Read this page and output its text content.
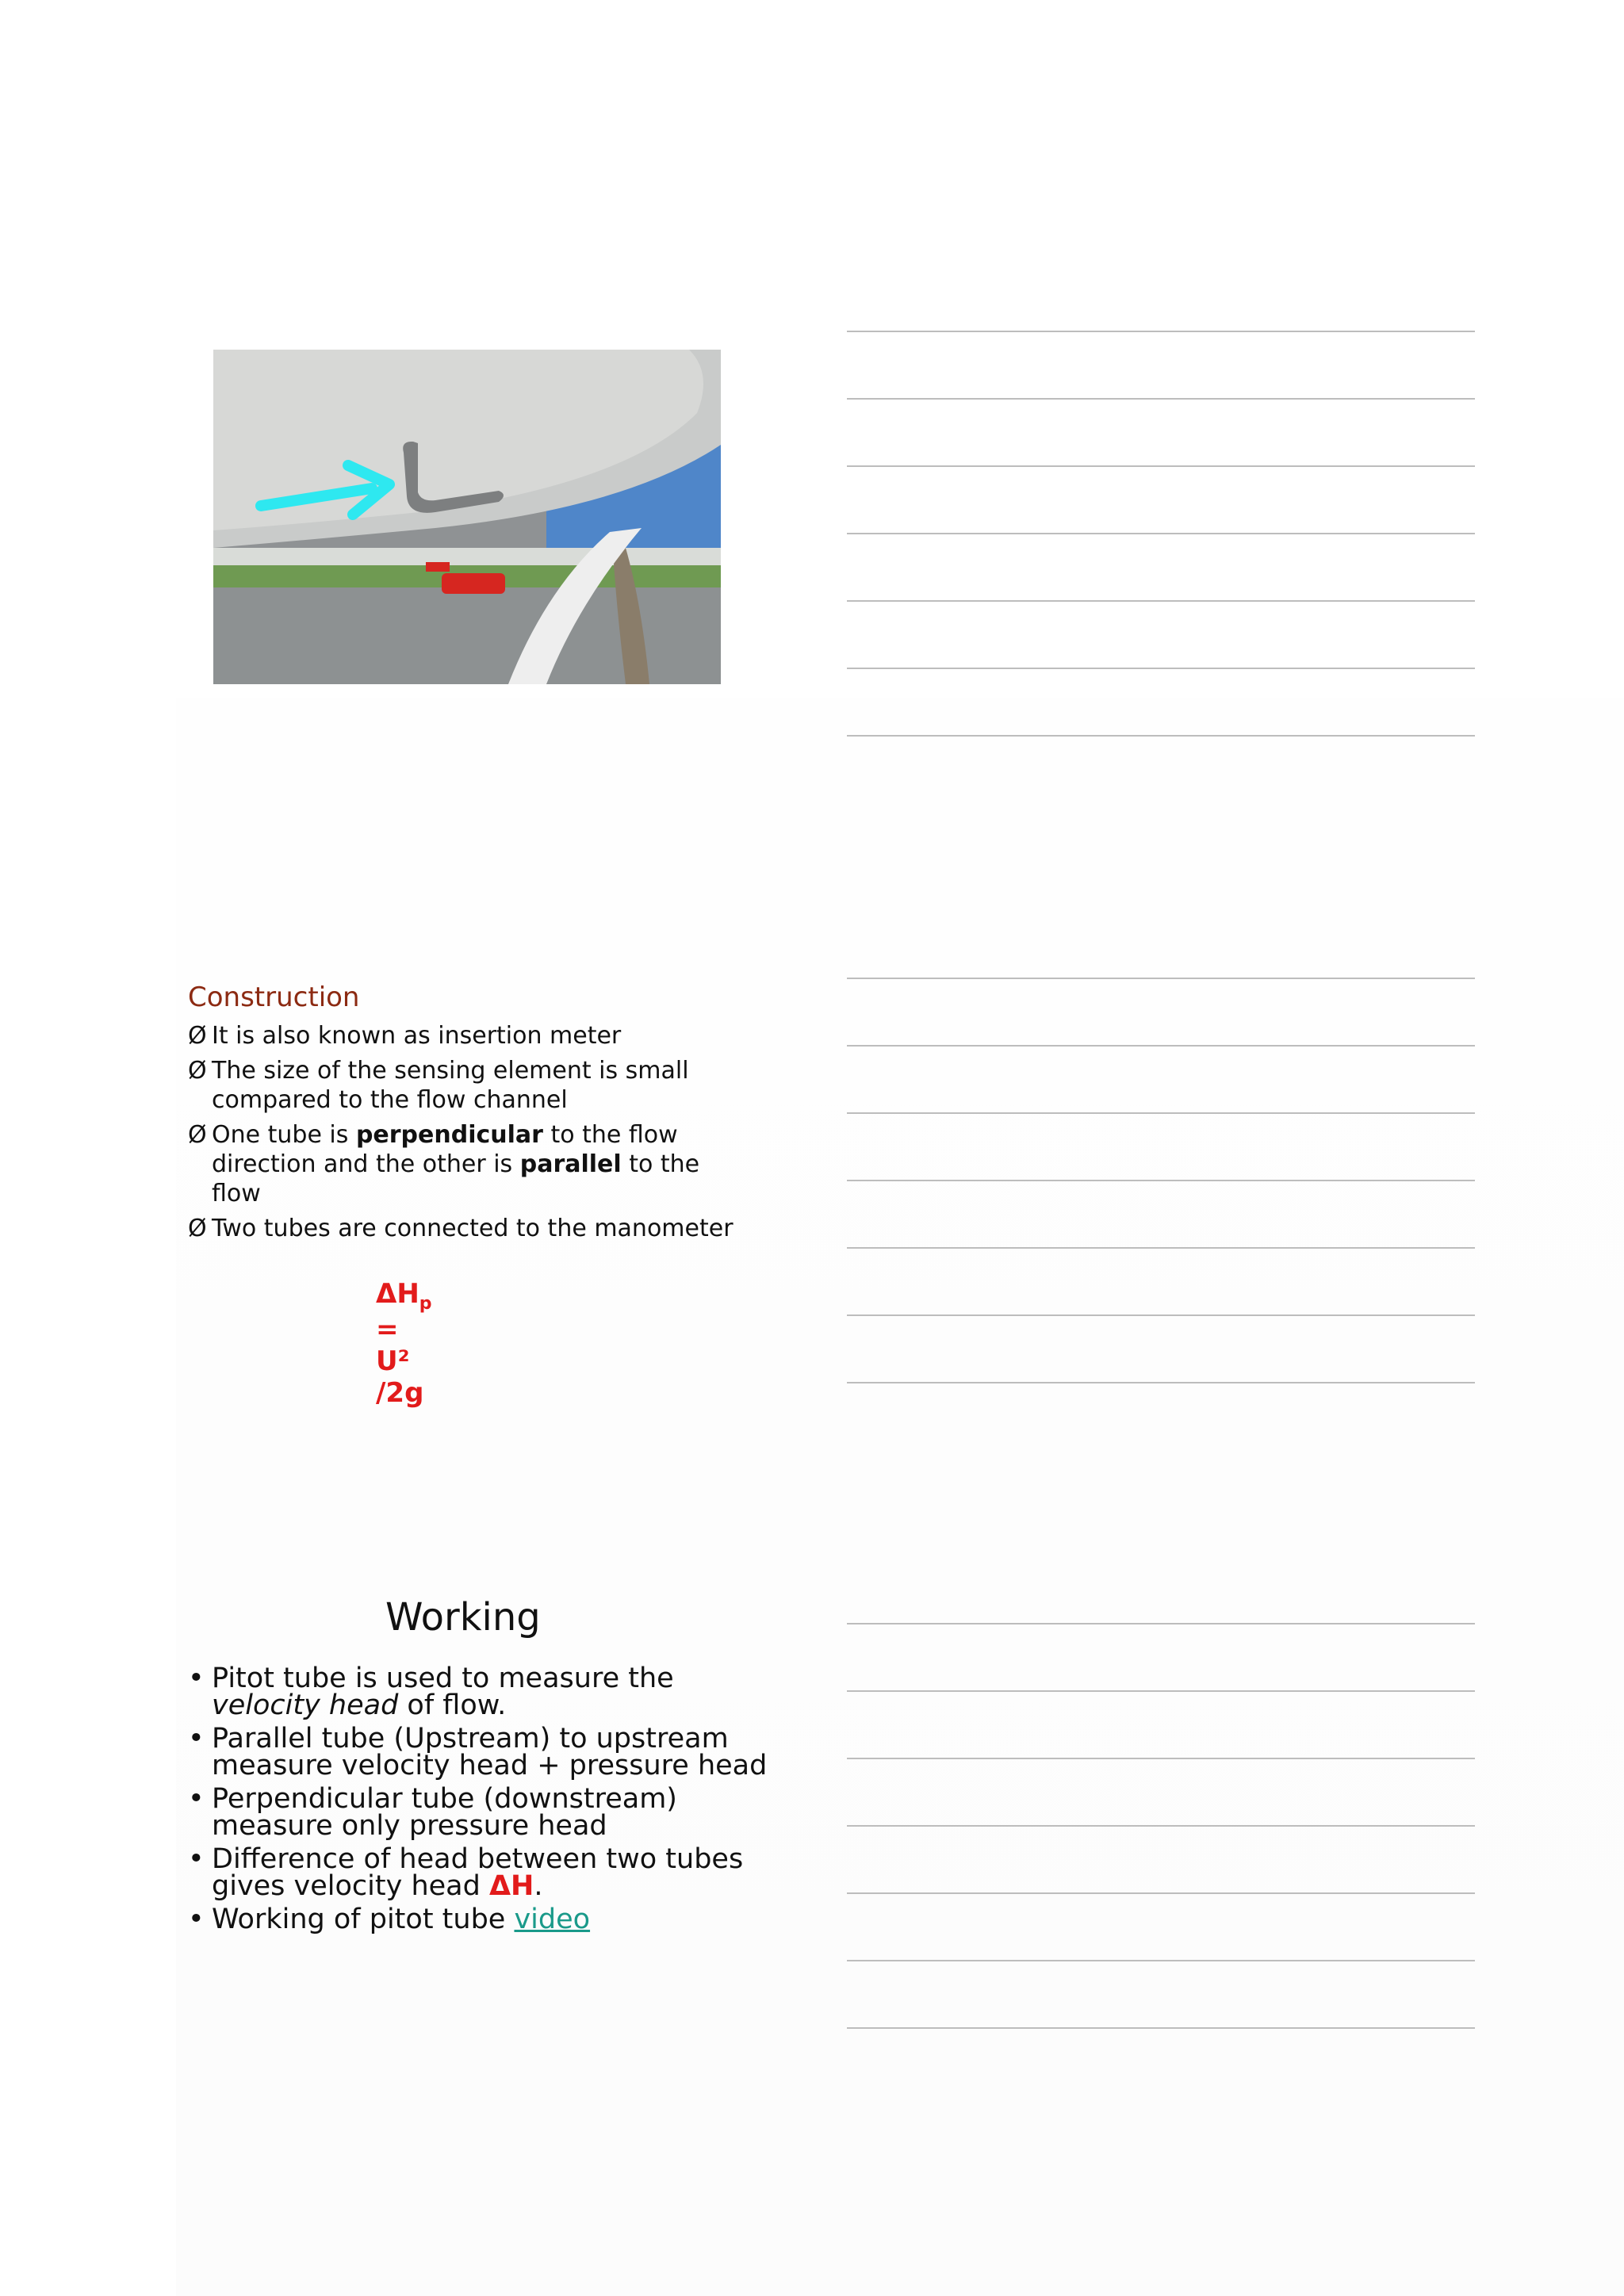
Construction
Ø It is also known as insertion meter
Ø The size of the sensing element is small compared to the flow channel
Ø One tube is perpendicular to the flow direction and the other is parallel to the flow
Ø Two tubes are connected to the manometer
$\Delta H_p = U^2$ /2g
Working
• Pitot tube is used to measure the velocity head of flow.
• Parallel tube (Upstream) to upstream measure velocity head + pressure head
• Perpendicular tube (downstream) measure only pressure head
• Difference of head between two tubes gives velocity head ΔH.
• Working of pitot tube video
